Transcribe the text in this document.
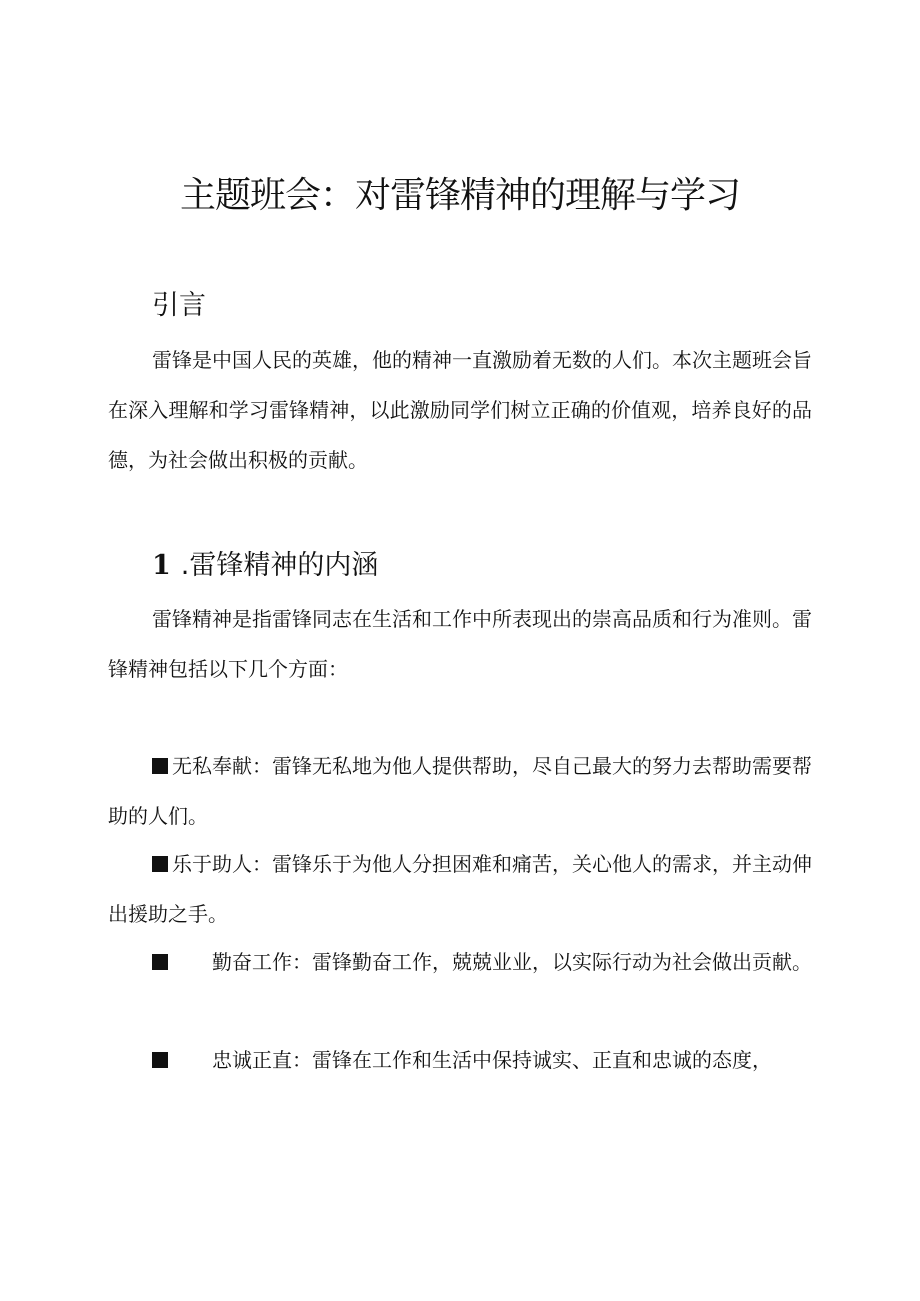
主题班会：对雷锋精神的理解与学习
引言
雷锋是中国人民的英雄，他的精神一直激励着无数的人们。本次主题班会旨在深入理解和学习雷锋精神，以此激励同学们树立正确的价值观，培养良好的品德，为社会做出积极的贡献。
1 .雷锋精神的内涵
雷锋精神是指雷锋同志在生活和工作中所表现出的崇高品质和行为准则。雷锋精神包括以下几个方面：
无私奉献：雷锋无私地为他人提供帮助，尽自己最大的努力去帮助需要帮助的人们。
乐于助人：雷锋乐于为他人分担困难和痛苦，关心他人的需求，并主动伸出援助之手。
勤奋工作：雷锋勤奋工作，兢兢业业，以实际行动为社会做出贡献。
忠诚正直：雷锋在工作和生活中保持诚实、正直和忠诚的态度，
